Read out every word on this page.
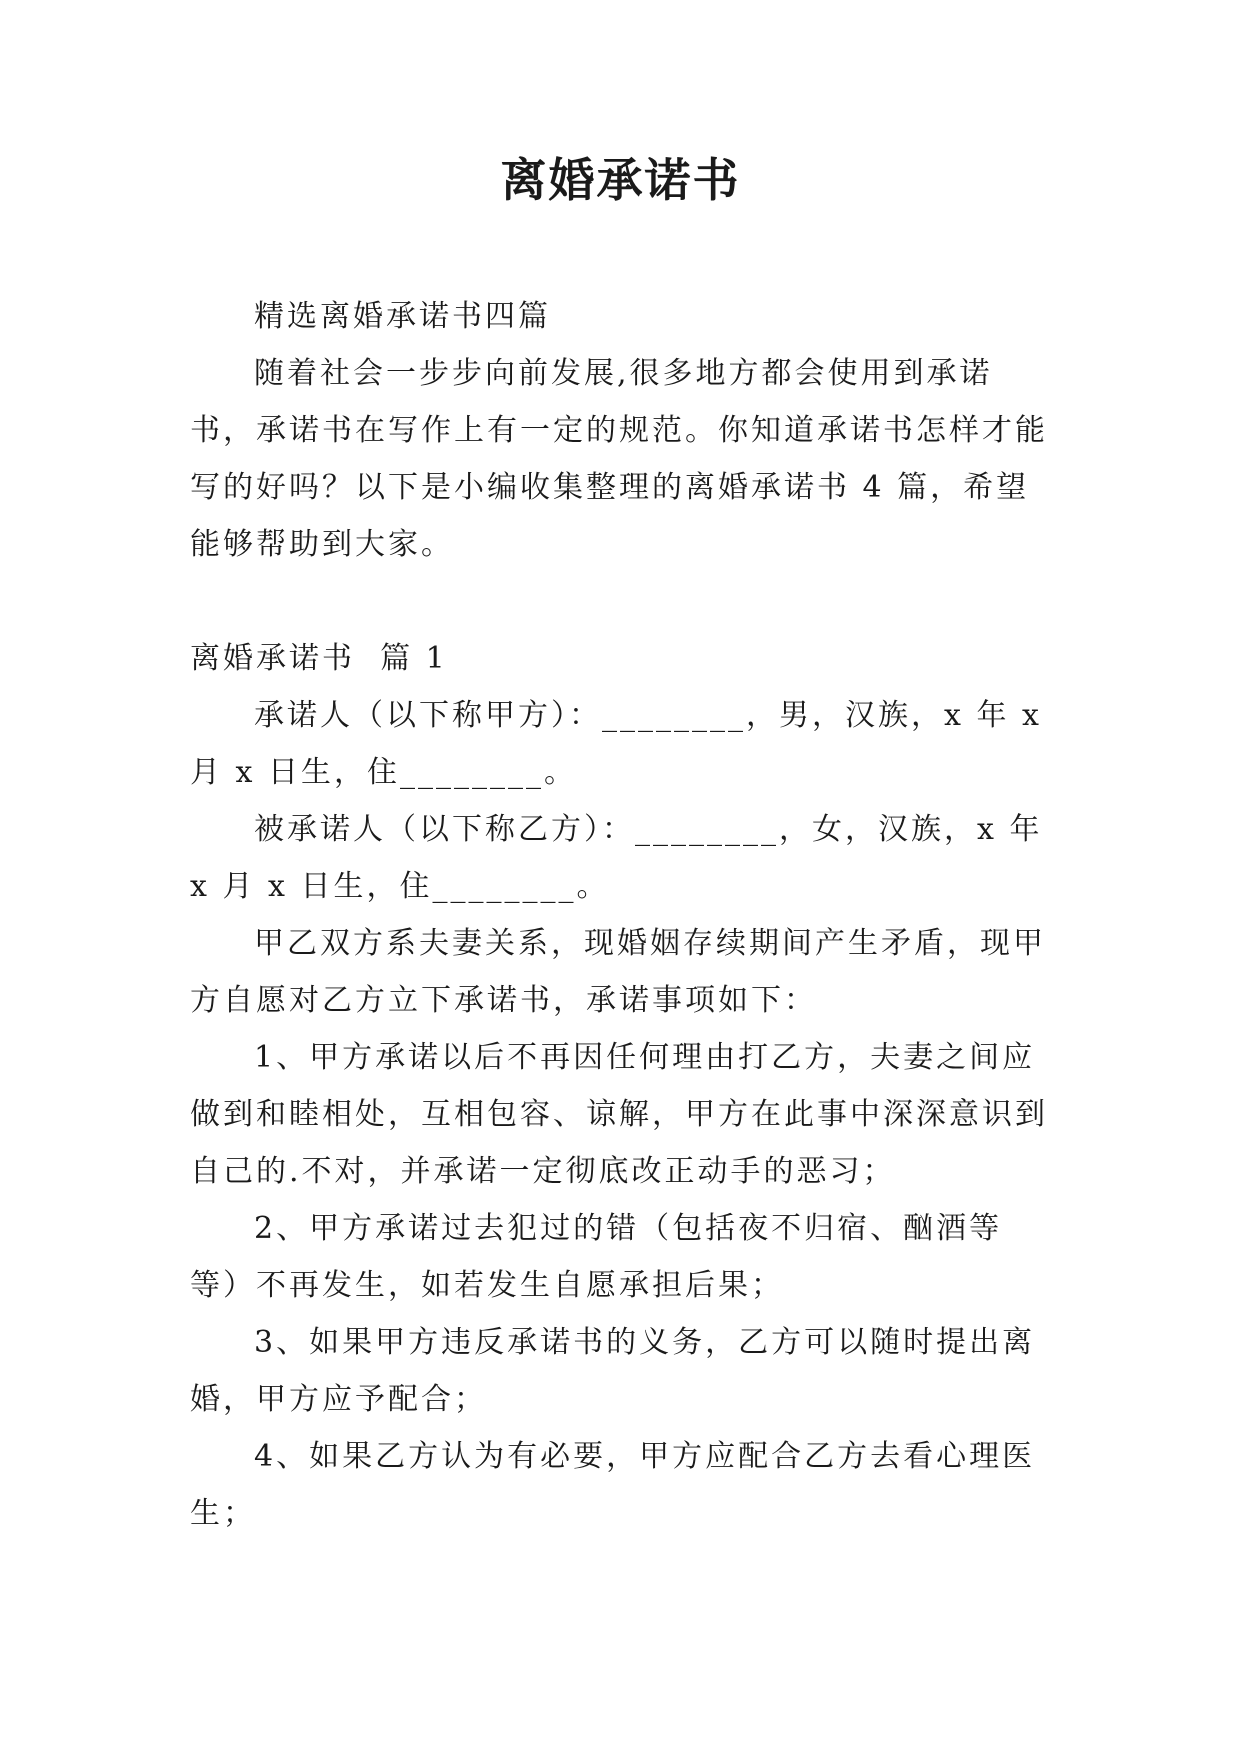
离婚承诺书

精选离婚承诺书四篇

随着社会一步步向前发展,很多地方都会使用到承诺书，承诺书在写作上有一定的规范。你知道承诺书怎样才能写的好吗？以下是小编收集整理的离婚承诺书 4 篇，希望能够帮助到大家。

离婚承诺书  篇 1

承诺人（以下称甲方）：________，男，汉族，x 年 x 月 x 日生，住________。

被承诺人（以下称乙方）：________，女，汉族，x 年 x 月 x 日生，住________。

甲乙双方系夫妻关系，现婚姻存续期间产生矛盾，现甲方自愿对乙方立下承诺书，承诺事项如下：

1、甲方承诺以后不再因任何理由打乙方，夫妻之间应做到和睦相处，互相包容、谅解，甲方在此事中深深意识到自己的.不对，并承诺一定彻底改正动手的恶习；

2、甲方承诺过去犯过的错（包括夜不归宿、酗酒等等）不再发生，如若发生自愿承担后果；

3、如果甲方违反承诺书的义务，乙方可以随时提出离婚，甲方应予配合；

4、如果乙方认为有必要，甲方应配合乙方去看心理医生；
